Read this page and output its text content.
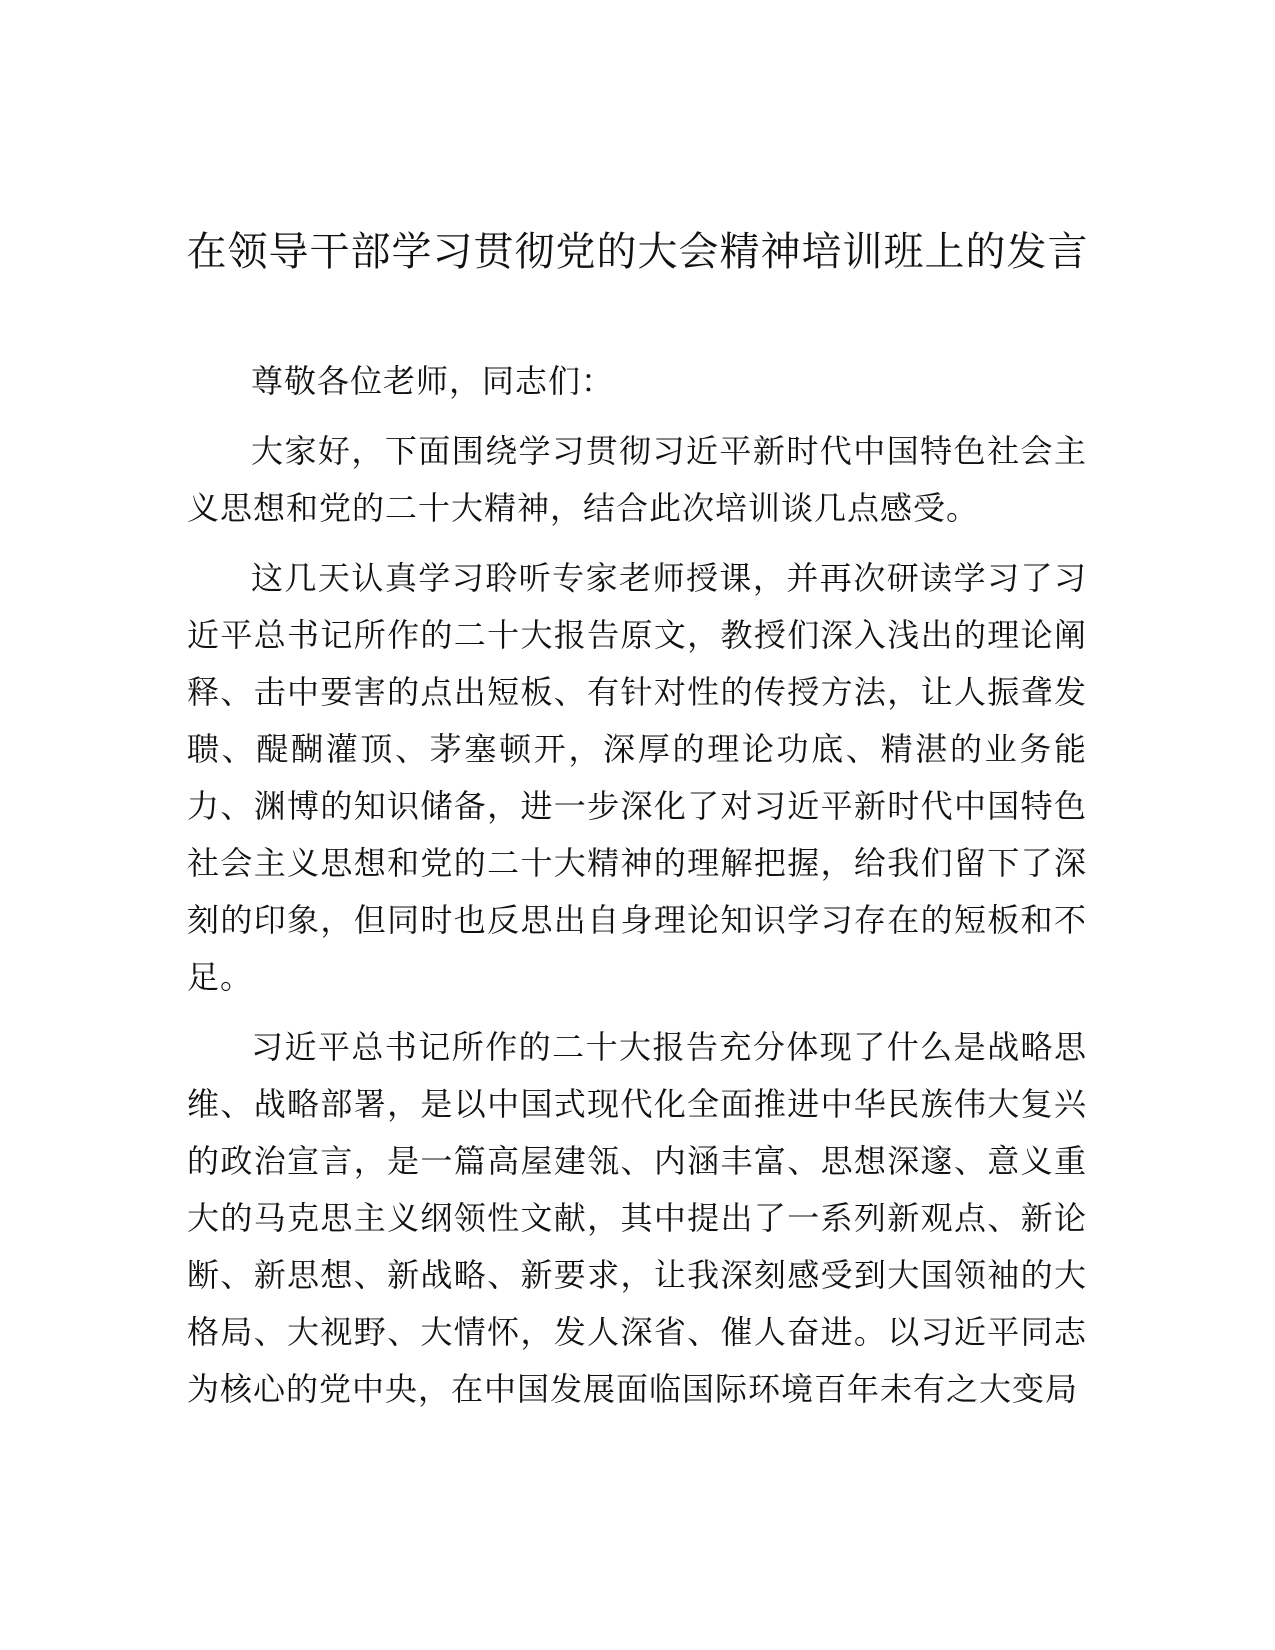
在领导干部学习贯彻党的大会精神培训班上的发言

尊敬各位老师，同志们：

大家好，下面围绕学习贯彻习近平新时代中国特色社会主义思想和党的二十大精神，结合此次培训谈几点感受。

这几天认真学习聆听专家老师授课，并再次研读学习了习近平总书记所作的二十大报告原文，教授们深入浅出的理论阐释、击中要害的点出短板、有针对性的传授方法，让人振聋发聩、醍醐灌顶、茅塞顿开，深厚的理论功底、精湛的业务能力、渊博的知识储备，进一步深化了对习近平新时代中国特色社会主义思想和党的二十大精神的理解把握，给我们留下了深刻的印象，但同时也反思出自身理论知识学习存在的短板和不足。

习近平总书记所作的二十大报告充分体现了什么是战略思维、战略部署，是以中国式现代化全面推进中华民族伟大复兴的政治宣言，是一篇高屋建瓴、内涵丰富、思想深邃、意义重大的马克思主义纲领性文献，其中提出了一系列新观点、新论断、新思想、新战略、新要求，让我深刻感受到大国领袖的大格局、大视野、大情怀，发人深省、催人奋进。以习近平同志为核心的党中央，在中国发展面临国际环境百年未有之大变局
